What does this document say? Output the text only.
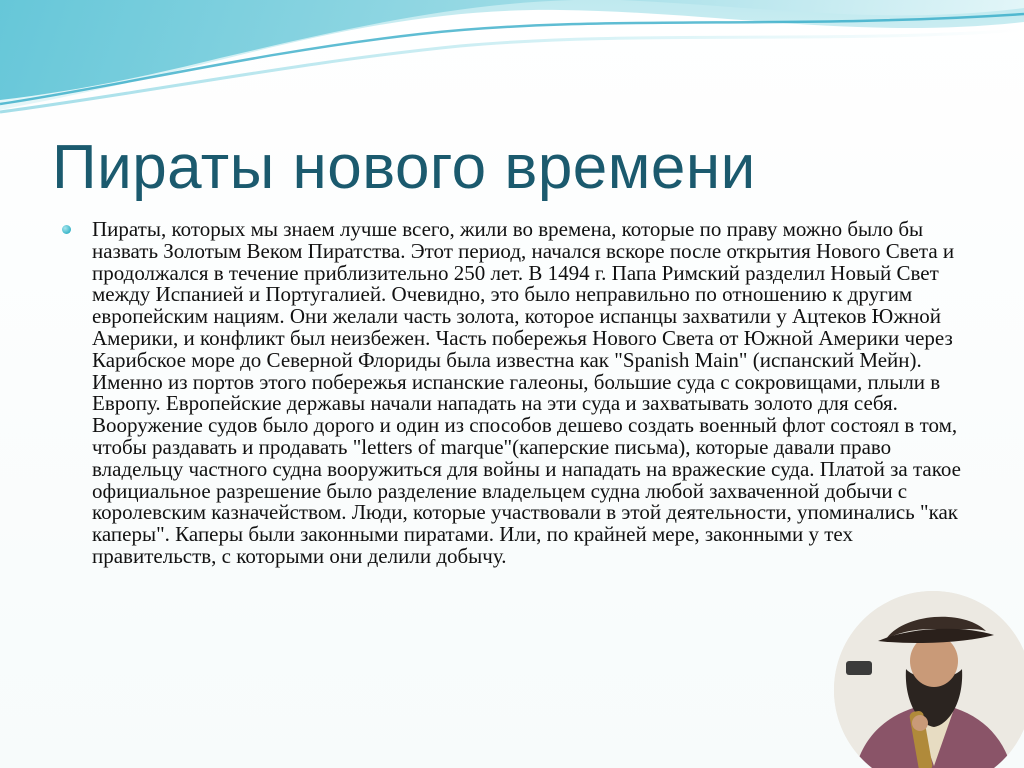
Пираты нового времени

Пираты, которых мы знаем лучше всего, жили во времена, которые по праву можно было бы назвать Золотым Веком Пиратства. Этот период, начался вскоре после открытия Нового Света и продолжался в течение приблизительно 250 лет. В 1494 г. Папа Римский разделил Новый Свет между Испанией и Португалией. Очевидно, это было неправильно по отношению к другим европейским нациям. Они желали часть золота, которое испанцы захватили у Ацтеков Южной Америки, и конфликт был неизбежен. Часть побережья Нового Света от Южной Америки через Карибское море до Северной Флориды была известна как "Spanish Main" (испанский Мейн). Именно из портов этого побережья испанские галеоны, большие суда с сокровищами, плыли в Европу. Европейские державы начали нападать на эти суда и захватывать золото для себя. Вооружение судов было дорого и один из способов дешево создать военный флот состоял в том, чтобы раздавать и продавать "letters of marque"(каперские письма), которые давали право владельцу частного судна вооружиться для войны и нападать на вражеские суда. Платой за такое официальное разрешение было разделение владельцем судна любой захваченной добычи с королевским казначейством. Люди, которые участвовали в этой деятельности, упоминались "как каперы". Каперы были законными пиратами. Или, по крайней мере, законными у тех правительств, с которыми они делили добычу.
